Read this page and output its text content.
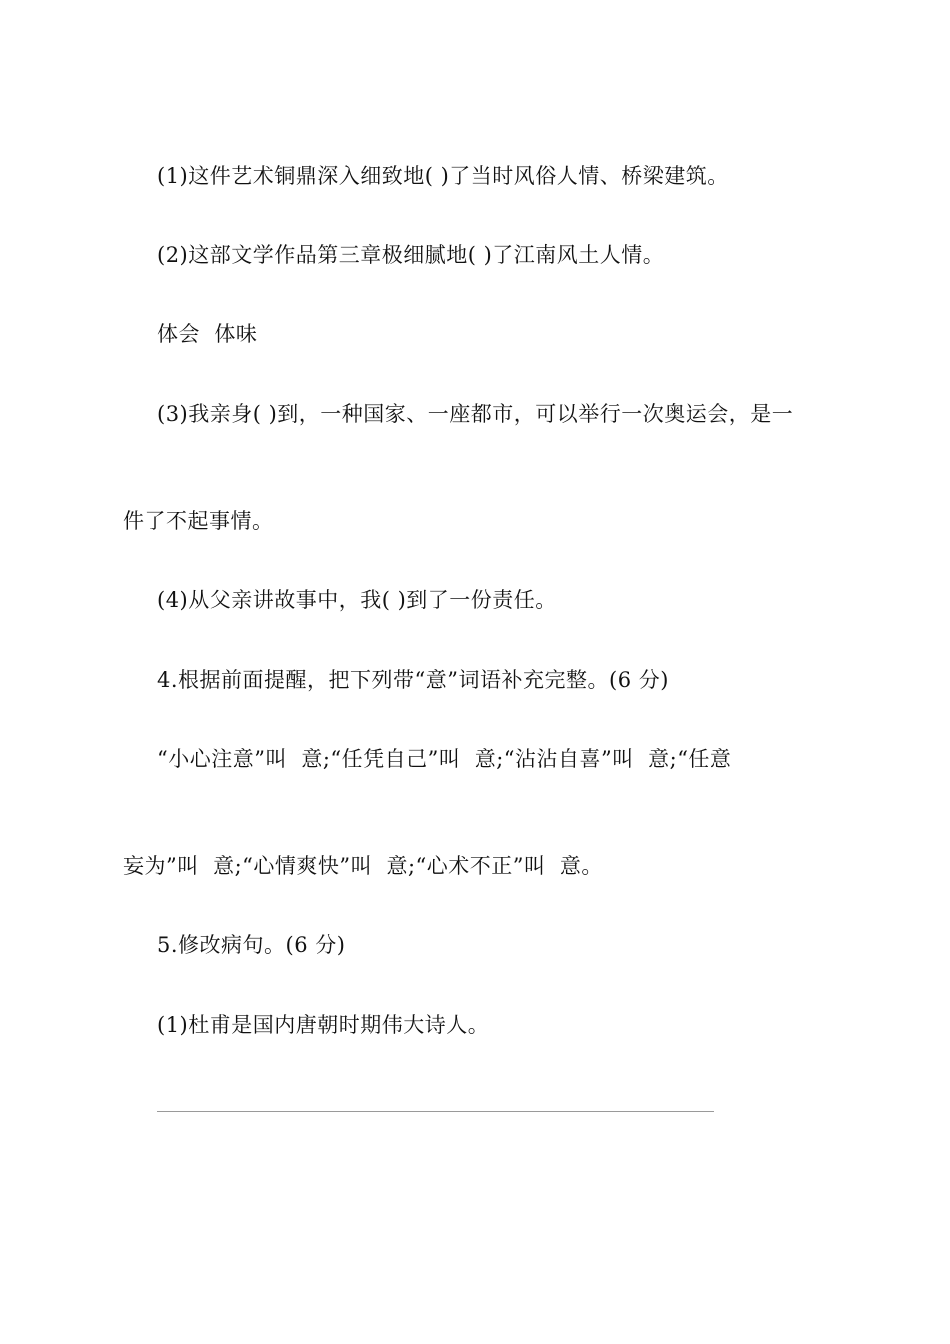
(1)这件艺术铜鼎深入细致地( )了当时风俗人情、桥梁建筑。
(2)这部文学作品第三章极细腻地( )了江南风土人情。
体会  体味
(3)我亲身( )到，一种国家、一座都市，可以举行一次奥运会，是一
件了不起事情。
(4)从父亲讲故事中，我( )到了一份责任。
4.根据前面提醒，把下列带“意”词语补充完整。(6 分)
“小心注意”叫  意;“任凭自己”叫  意;“沾沾自喜”叫  意;“任意
妄为”叫  意;“心情爽快”叫  意;“心术不正”叫  意。
5.修改病句。(6 分)
(1)杜甫是国内唐朝时期伟大诗人。
